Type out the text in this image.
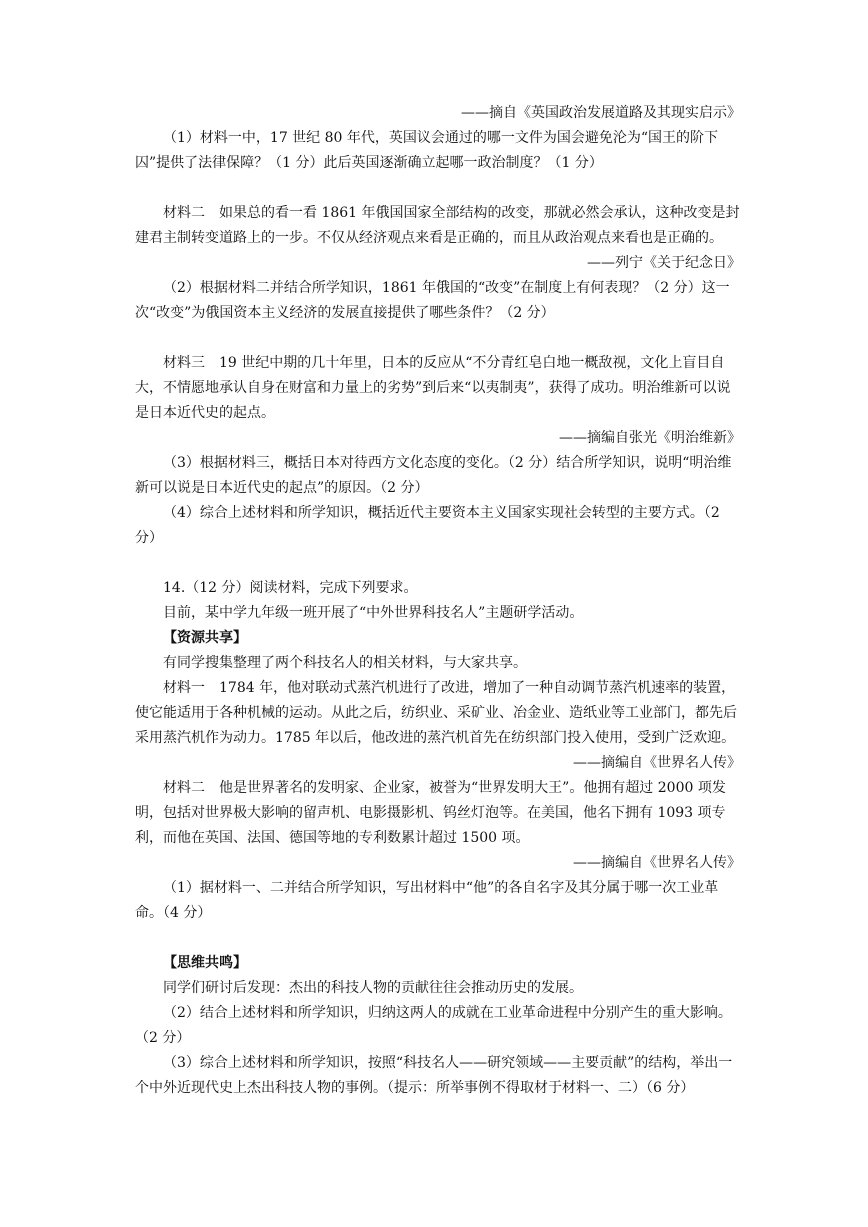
——摘自《英国政治发展道路及其现实启示》

（1）材料一中，17 世纪 80 年代，英国议会通过的哪一文件为国会避免沦为“国王的阶下囚”提供了法律保障？（1 分）此后英国逐渐确立起哪一政治制度？（1 分）

材料二　如果总的看一看 1861 年俄国国家全部结构的改变，那就必然会承认，这种改变是封建君主制转变道路上的一步。不仅从经济观点来看是正确的，而且从政治观点来看也是正确的。

——列宁《关于纪念日》

（2）根据材料二并结合所学知识，1861 年俄国的“改变”在制度上有何表现？（2 分）这一次“改变”为俄国资本主义经济的发展直接提供了哪些条件？（2 分）

材料三　19 世纪中期的几十年里，日本的反应从“不分青红皂白地一概敌视，文化上盲目自大，不情愿地承认自身在财富和力量上的劣势”到后来“以夷制夷”，获得了成功。明治维新可以说是日本近代史的起点。

——摘编自张光《明治维新》

（3）根据材料三，概括日本对待西方文化态度的变化。（2 分）结合所学知识，说明“明治维新可以说是日本近代史的起点”的原因。（2 分）

（4）综合上述材料和所学知识，概括近代主要资本主义国家实现社会转型的主要方式。（2 分）

14.（12 分）阅读材料，完成下列要求。

目前，某中学九年级一班开展了“中外世界科技名人”主题研学活动。

【资源共享】

有同学搜集整理了两个科技名人的相关材料，与大家共享。

材料一　1784 年，他对联动式蒸汽机进行了改进，增加了一种自动调节蒸汽机速率的装置，使它能适用于各种机械的运动。从此之后，纺织业、采矿业、冶金业、造纸业等工业部门，都先后采用蒸汽机作为动力。1785 年以后，他改进的蒸汽机首先在纺织部门投入使用，受到广泛欢迎。

——摘编自《世界名人传》

材料二　他是世界著名的发明家、企业家，被誉为“世界发明大王”。他拥有超过 2000 项发明，包括对世界极大影响的留声机、电影摄影机、钨丝灯泡等。在美国，他名下拥有 1093 项专利，而他在英国、法国、德国等地的专利数累计超过 1500 项。

——摘编自《世界名人传》

（1）据材料一、二并结合所学知识，写出材料中“他”的各自名字及其分属于哪一次工业革命。（4 分）

【思维共鸣】

同学们研讨后发现：杰出的科技人物的贡献往往会推动历史的发展。

（2）结合上述材料和所学知识，归纳这两人的成就在工业革命进程中分别产生的重大影响。（2 分）

（3）综合上述材料和所学知识，按照“科技名人——研究领域——主要贡献”的结构，举出一个中外近现代史上杰出科技人物的事例。（提示：所举事例不得取材于材料一、二）（6 分）
